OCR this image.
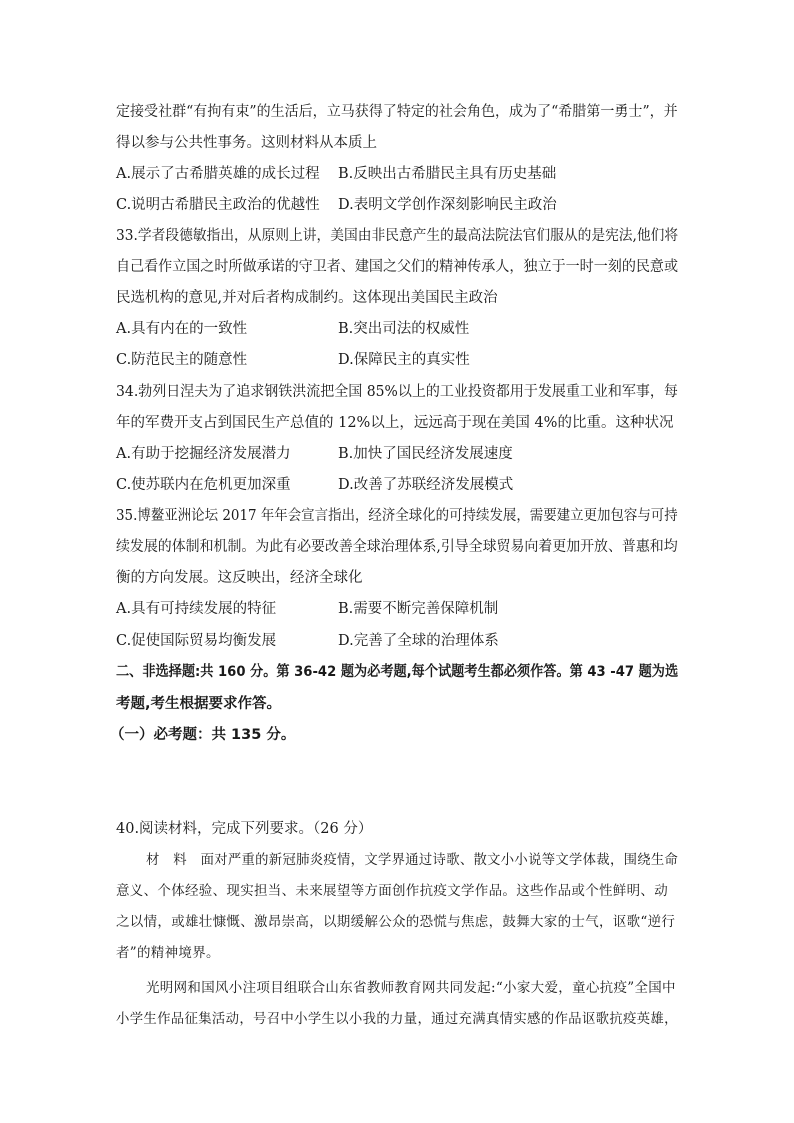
定接受社群“有拘有束”的生活后，立马获得了特定的社会角色，成为了“希腊第一勇士”，并
得以参与公共性事务。这则材料从本质上
A.展示了古希腊英雄的成长过程 B.反映出古希腊民主具有历史基础
C.说明古希腊民主政治的优越性 D.表明文学创作深刻影响民主政治
33.学者段德敏指出，从原则上讲，美国由非民意产生的最高法院法官们服从的是宪法,他们将
自己看作立国之时所做承诺的守卫者、建国之父们的精神传承人，独立于一时一刻的民意或
民选机构的意见,并对后者构成制约。这体现出美国民主政治
A.具有内在的一致性	B.突出司法的权威性
C.防范民主的随意性	D.保障民主的真实性
34.勃列日涅夫为了追求钢铁洪流把全国 85%以上的工业投资都用于发展重工业和军事，每
年的军费开支占到国民生产总值的 12%以上，远远高于现在美国 4%的比重。这种状况
A.有助于挖掘经济发展潜力	B.加快了国民经济发展速度
C.使苏联内在危机更加深重	D.改善了苏联经济发展模式
35.博鳌亚洲论坛 2017 年年会宣言指出，经济全球化的可持续发展，需要建立更加包容与可持
续发展的体制和机制。为此有必要改善全球治理体系,引导全球贸易向着更加开放、普惠和均
衡的方向发展。这反映出，经济全球化
A.具有可持续发展的特征	B.需要不断完善保障机制
C.促使国际贸易均衡发展	D.完善了全球的治理体系
二、非选择题:共 160 分。第 36-42 题为必考题,每个试题考生都必须作答。第 43 -47 题为选
考题,考生根据要求作答。
（一）必考题：共 135 分。
40.阅读材料，完成下列要求。（26 分）
材　料　面对严重的新冠肺炎疫情，文学界通过诗歌、散文小小说等文学体裁，围绕生命
意义、个体经验、现实担当、未来展望等方面创作抗疫文学作品。这些作品或个性鲜明、动
之以情，或雄壮慷慨、激昂崇高，以期缓解公众的恐慌与焦虑，鼓舞大家的士气，讴歌“逆行
者”的精神境界。
光明网和国风小注项目组联合山东省教师教育网共同发起:“小家大爱，童心抗疫”全国中
小学生作品征集活动，号召中小学生以小我的力量，通过充满真情实感的作品讴歌抗疫英雄，
